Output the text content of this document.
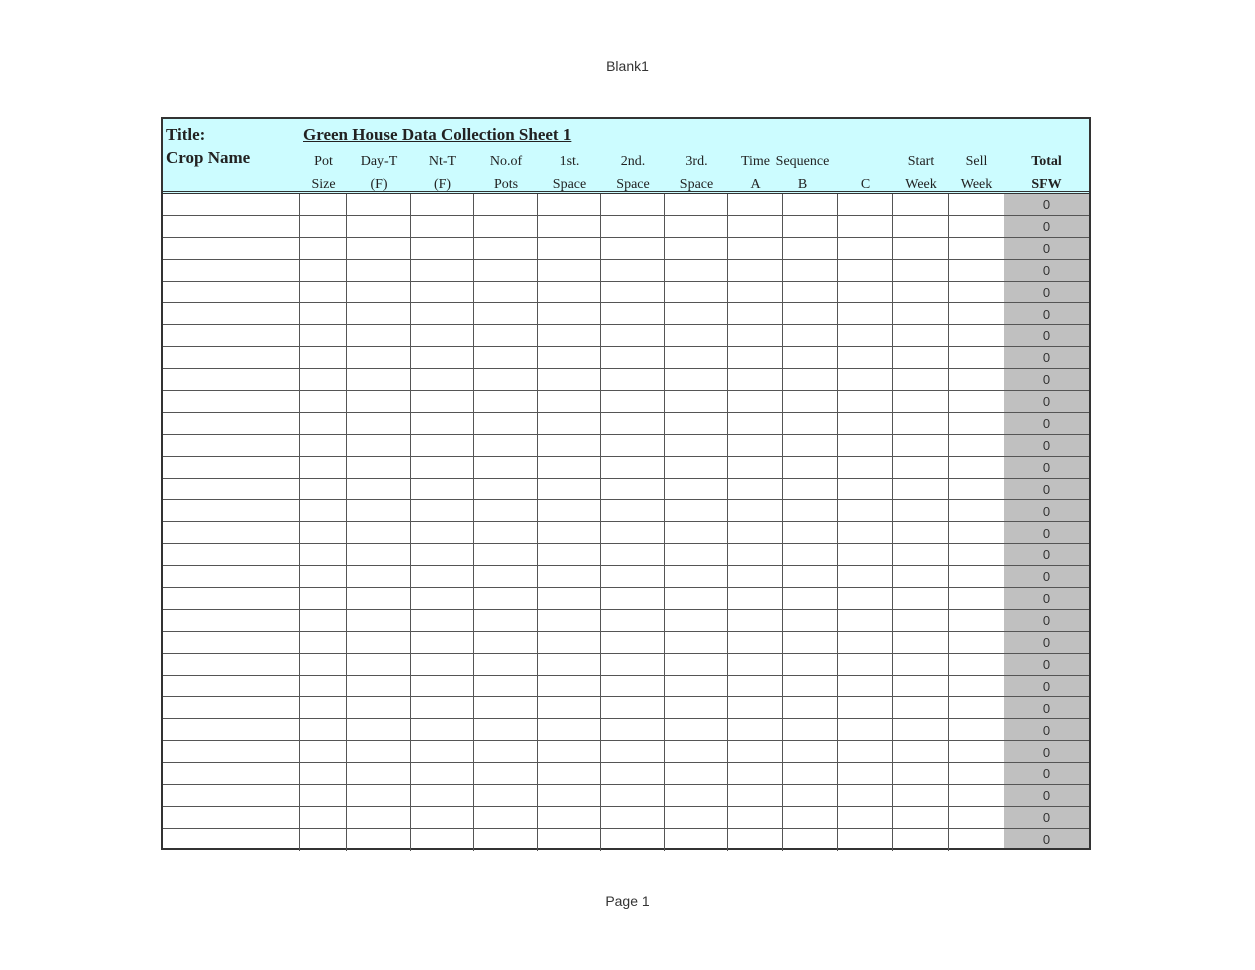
Blank1
Title:
Crop Name
Green House Data Collection Sheet 1
Pot
Size
Day-T
(F)
Nt-T
(F)
No.of
Pots
1st.
Space
2nd.
Space
3rd.
Space
Time
A
Sequence
B
	C
Start
Week
Sell
Week
Total
SFW
0
0
0
0
0
0
0
0
0
0
0
0
0
0
0
0
0
0
0
0
0
0
0
0
0
0
0
0
0
0
Page 1
